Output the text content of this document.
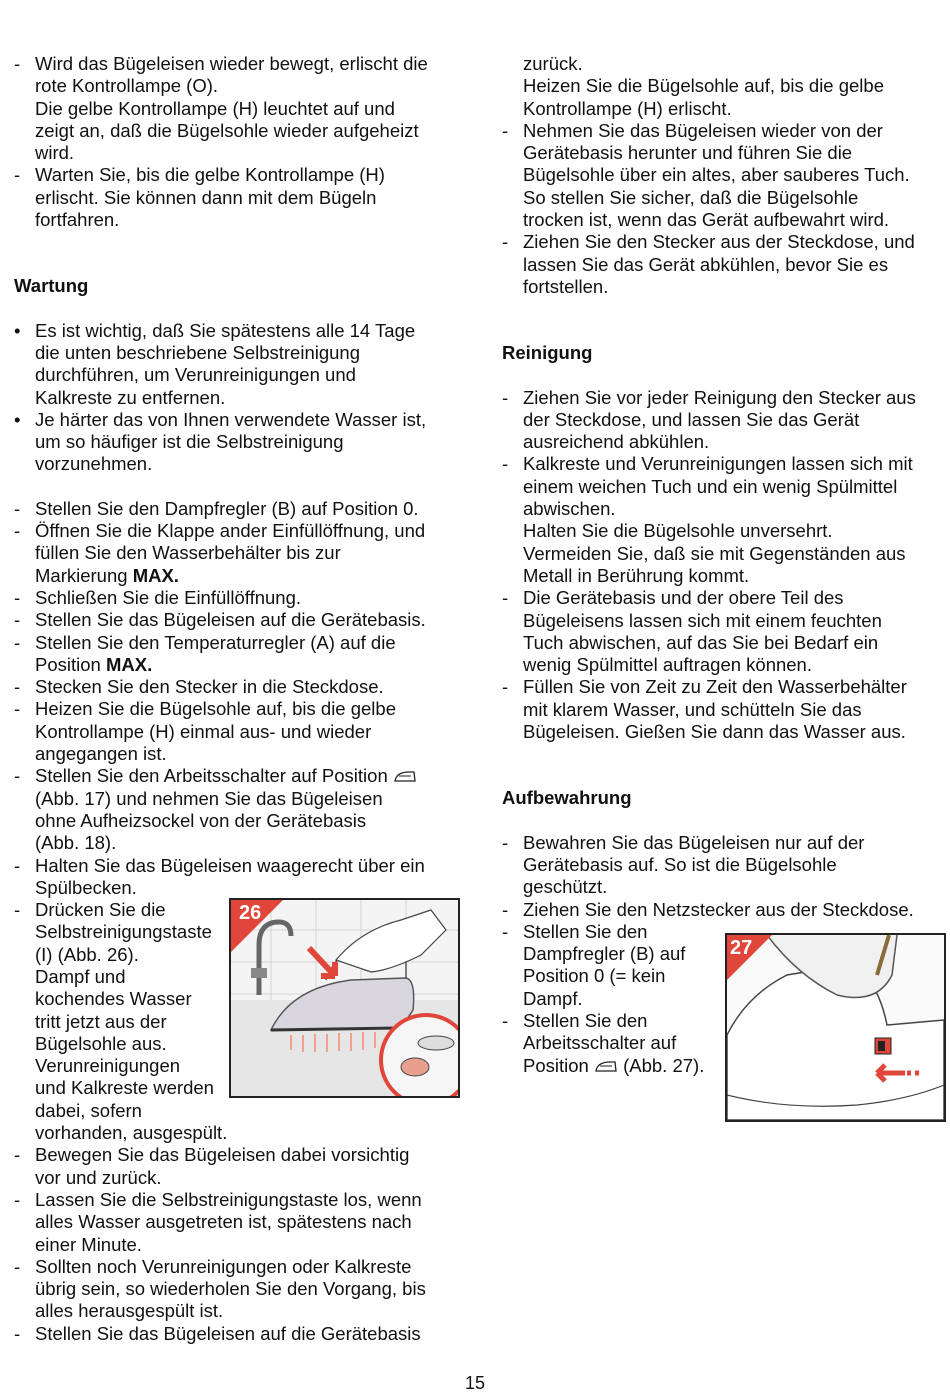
- Wird das Bügeleisen wieder bewegt, erlischt die
rote Kontrollampe (O).
Die gelbe Kontrollampe (H) leuchtet auf und
zeigt an, daß die Bügelsohle wieder aufgeheizt
wird.
- Warten Sie, bis die gelbe Kontrollampe (H)
erlischt. Sie können dann mit dem Bügeln
fortfahren.
Wartung
• Es ist wichtig, daß Sie spätestens alle 14 Tage
die unten beschriebene Selbstreinigung
durchführen, um Verunreinigungen und
Kalkreste zu entfernen.
• Je härter das von Ihnen verwendete Wasser ist,
um so häufiger ist die Selbstreinigung
vorzunehmen.
- Stellen Sie den Dampfregler (B) auf Position 0.
- Öffnen Sie die Klappe ander Einfüllöffnung, und
füllen Sie den Wasserbehälter bis zur
Markierung MAX.
- Schließen Sie die Einfüllöffnung.
- Stellen Sie das Bügeleisen auf die Gerätebasis.
- Stellen Sie den Temperaturregler (A) auf die
Position MAX.
- Stecken Sie den Stecker in die Steckdose.
- Heizen Sie die Bügelsohle auf, bis die gelbe
Kontrollampe (H) einmal aus- und wieder
angegangen ist.
- Stellen Sie den Arbeitsschalter auf Position
(Abb. 17) und nehmen Sie das Bügeleisen
ohne Aufheizsockel von der Gerätebasis
(Abb. 18).
- Halten Sie das Bügeleisen waagerecht über ein
Spülbecken.
- Drücken Sie die
Selbstreinigungstaste
(I) (Abb. 26).
Dampf und
kochendes Wasser
tritt jetzt aus der
Bügelsohle aus.
Verunreinigungen
und Kalkreste werden
dabei, sofern
vorhanden, ausgespült.
- Bewegen Sie das Bügeleisen dabei vorsichtig
vor und zurück.
- Lassen Sie die Selbstreinigungstaste los, wenn
alles Wasser ausgetreten ist, spätestens nach
einer Minute.
- Sollten noch Verunreinigungen oder Kalkreste
übrig sein, so wiederholen Sie den Vorgang, bis
alles herausgespült ist.
- Stellen Sie das Bügeleisen auf die Gerätebasis
zurück.
Heizen Sie die Bügelsohle auf, bis die gelbe
Kontrollampe (H) erlischt.
- Nehmen Sie das Bügeleisen wieder von der
Gerätebasis herunter und führen Sie die
Bügelsohle über ein altes, aber sauberes Tuch.
So stellen Sie sicher, daß die Bügelsohle
trocken ist, wenn das Gerät aufbewahrt wird.
- Ziehen Sie den Stecker aus der Steckdose, und
lassen Sie das Gerät abkühlen, bevor Sie es
fortstellen.
Reinigung
- Ziehen Sie vor jeder Reinigung den Stecker aus
der Steckdose, und lassen Sie das Gerät
ausreichend abkühlen.
- Kalkreste und Verunreinigungen lassen sich mit
einem weichen Tuch und ein wenig Spülmittel
abwischen.
Halten Sie die Bügelsohle unversehrt.
Vermeiden Sie, daß sie mit Gegenständen aus
Metall in Berührung kommt.
- Die Gerätebasis und der obere Teil des
Bügeleisens lassen sich mit einem feuchten
Tuch abwischen, auf das Sie bei Bedarf ein
wenig Spülmittel auftragen können.
- Füllen Sie von Zeit zu Zeit den Wasserbehälter
mit klarem Wasser, und schütteln Sie das
Bügeleisen. Gießen Sie dann das Wasser aus.
Aufbewahrung
- Bewahren Sie das Bügeleisen nur auf der
Gerätebasis auf. So ist die Bügelsohle
geschützt.
- Ziehen Sie den Netzstecker aus der Steckdose.
- Stellen Sie den
Dampfregler (B) auf
Position 0 (= kein
Dampf.
- Stellen Sie den
Arbeitsschalter auf
Position  (Abb. 27).
26
27
15
